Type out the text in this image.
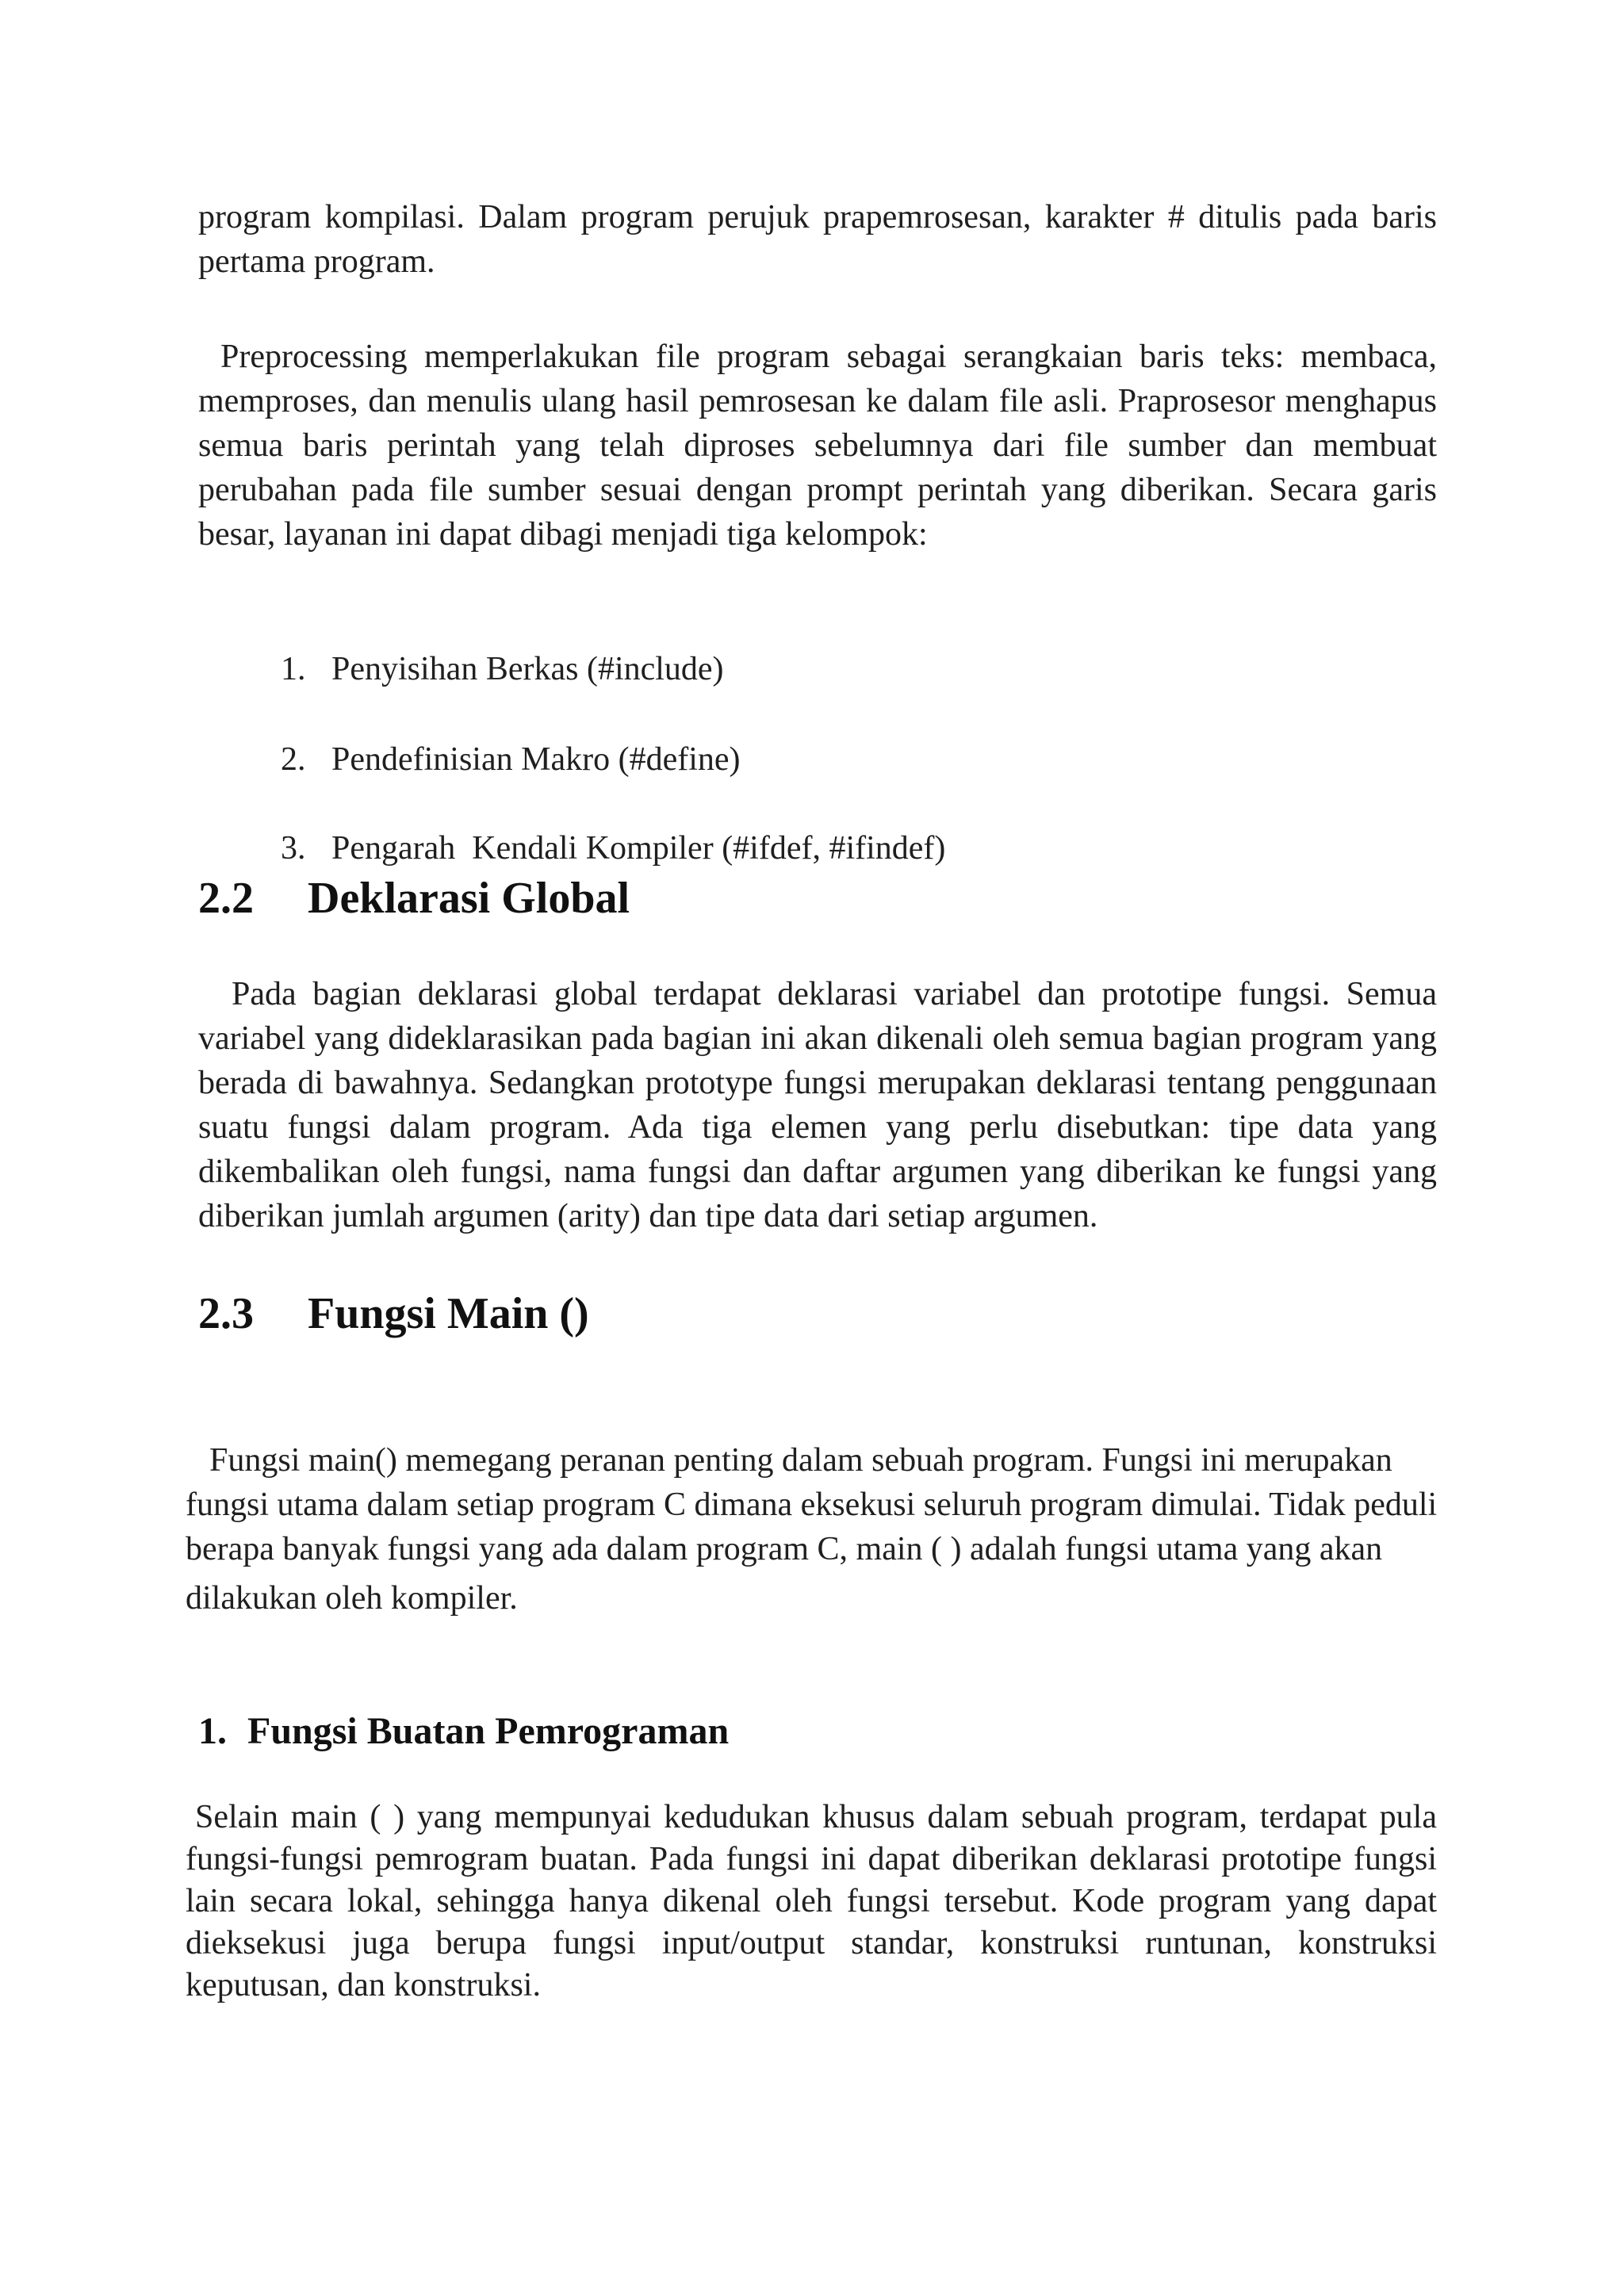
program kompilasi. Dalam program perujuk prapemrosesan, karakter # ditulis pada baris pertama program.

Preprocessing memperlakukan file program sebagai serangkaian baris teks: membaca, memproses, dan menulis ulang hasil pemrosesan ke dalam file asli. Praprosesor menghapus semua baris perintah yang telah diproses sebelumnya dari file sumber dan membuat perubahan pada file sumber sesuai dengan prompt perintah yang diberikan. Secara garis besar, layanan ini dapat dibagi menjadi tiga kelompok:

1. Penyisihan Berkas (#include)

2. Pendefinisian Makro (#define)

3. Pengarah  Kendali Kompiler (#ifdef, #ifindef)

2.2 Deklarasi Global

Pada bagian deklarasi global terdapat deklarasi variabel dan prototipe fungsi. Semua variabel yang dideklarasikan pada bagian ini akan dikenali oleh semua bagian program yang berada di bawahnya. Sedangkan prototype fungsi merupakan deklarasi tentang penggunaan suatu fungsi dalam program. Ada tiga elemen yang perlu disebutkan: tipe data yang dikembalikan oleh fungsi, nama fungsi dan daftar argumen yang diberikan ke fungsi yang diberikan jumlah argumen (arity) dan tipe data dari setiap argumen.

2.3 Fungsi Main ()
Fungsi main() memegang peranan penting dalam sebuah program. Fungsi ini merupakan
fungsi utama dalam setiap program C dimana eksekusi seluruh program dimulai. Tidak peduli
berapa banyak fungsi yang ada dalam program C, main ( ) adalah fungsi utama yang akan
dilakukan oleh kompiler.
1. Fungsi Buatan Pemrograman

Selain main ( ) yang mempunyai kedudukan khusus dalam sebuah program, terdapat pula fungsi-fungsi pemrogram buatan. Pada fungsi ini dapat diberikan deklarasi prototipe fungsi lain secara lokal, sehingga hanya dikenal oleh fungsi tersebut. Kode program yang dapat dieksekusi juga berupa fungsi input/output standar, konstruksi runtunan, konstruksi keputusan, dan konstruksi.
